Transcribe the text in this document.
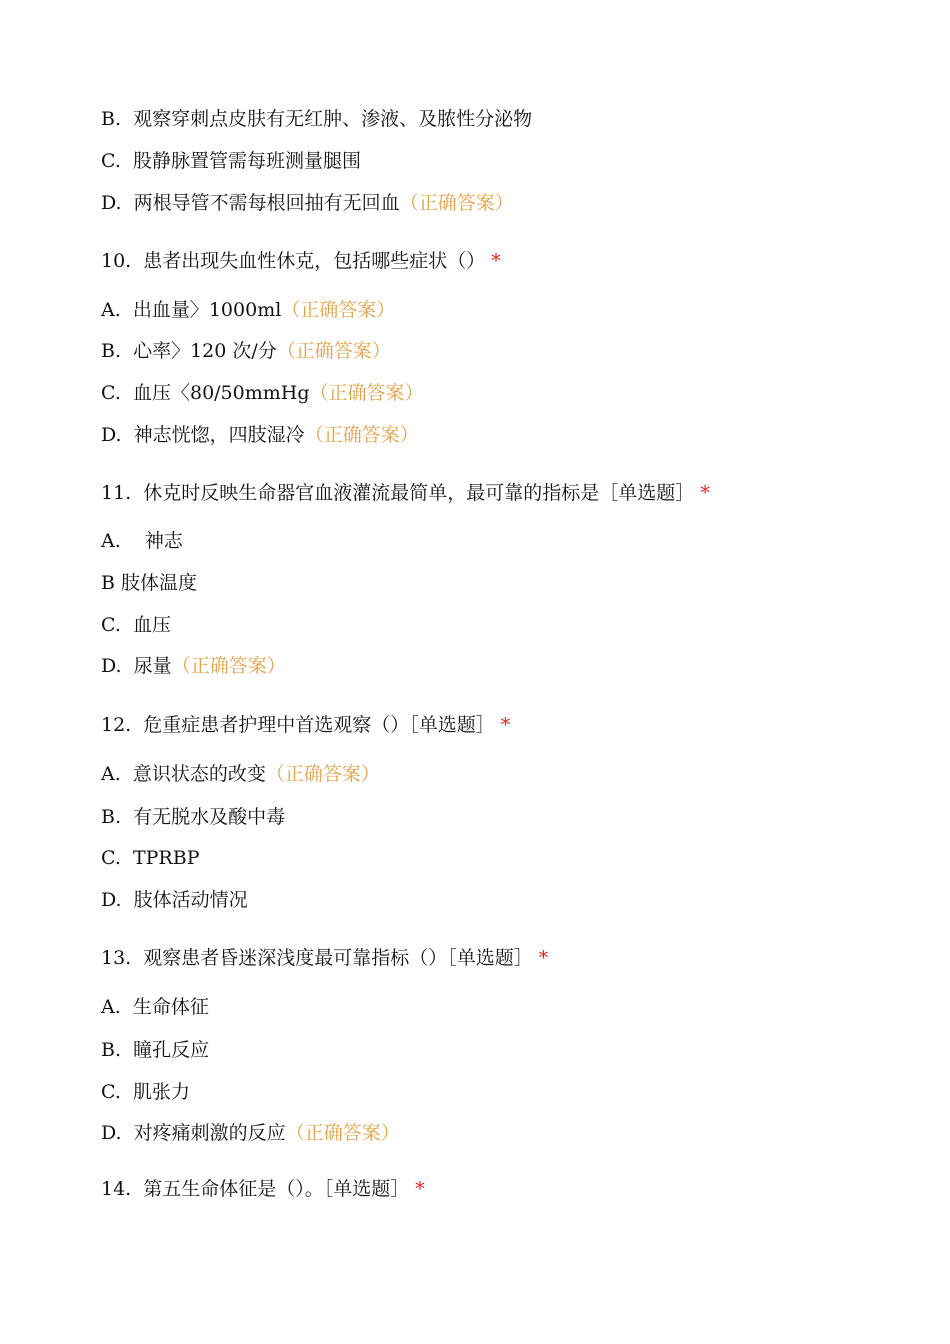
B.  观察穿刺点皮肤有无红肿、渗液、及脓性分泌物
C.  股静脉置管需每班测量腿围
D.  两根导管不需每根回抽有无回血（正确答案）
10.  患者出现失血性休克，包括哪些症状（） *
A.  出血量〉1000ml（正确答案）
B.  心率〉120 次/分（正确答案）
C.  血压〈80/50mmHg（正确答案）
D.  神志恍惚，四肢湿冷（正确答案）
11.  休克时反映生命器官血液灌流最简单，最可靠的指标是［单选题］ *
A.    神志
B 肢体温度
C.  血压
D.  尿量（正确答案）
12.  危重症患者护理中首选观察（）［单选题］ *
A.  意识状态的改变（正确答案）
B.  有无脱水及酸中毒
C.  TPRBP
D.  肢体活动情况
13.  观察患者昏迷深浅度最可靠指标（）［单选题］ *
A.  生命体征
B.  瞳孔反应
C.  肌张力
D.  对疼痛刺激的反应（正确答案）
14.  第五生命体征是（）。［单选题］ *
